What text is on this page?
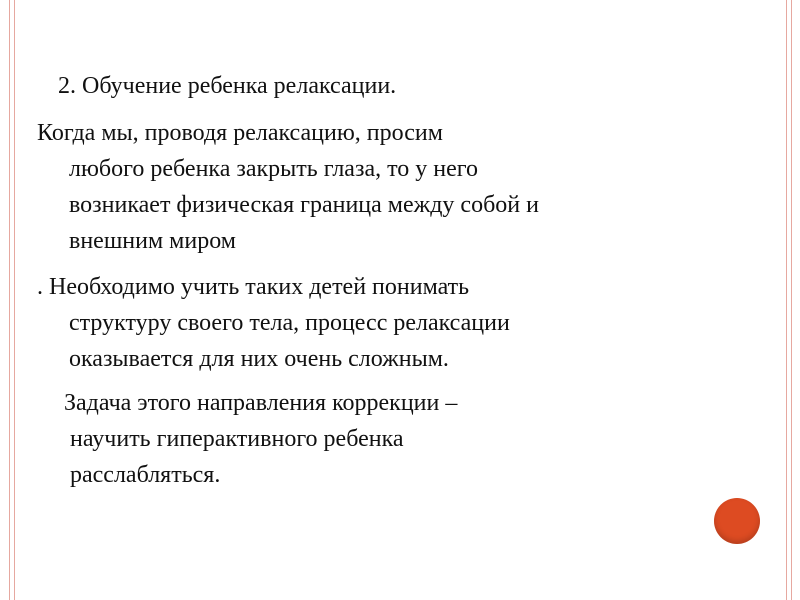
2. Обучение ребенка релаксации.
Когда мы, проводя релаксацию, просим
любого ребенка закрыть глаза, то у него
возникает физическая граница между собой и
внешним миром
. Необходимо учить таких детей понимать
структуру своего тела, процесс релаксации
оказывается для них очень сложным.
Задача этого направления коррекции –
научить гиперактивного ребенка
расслабляться.
